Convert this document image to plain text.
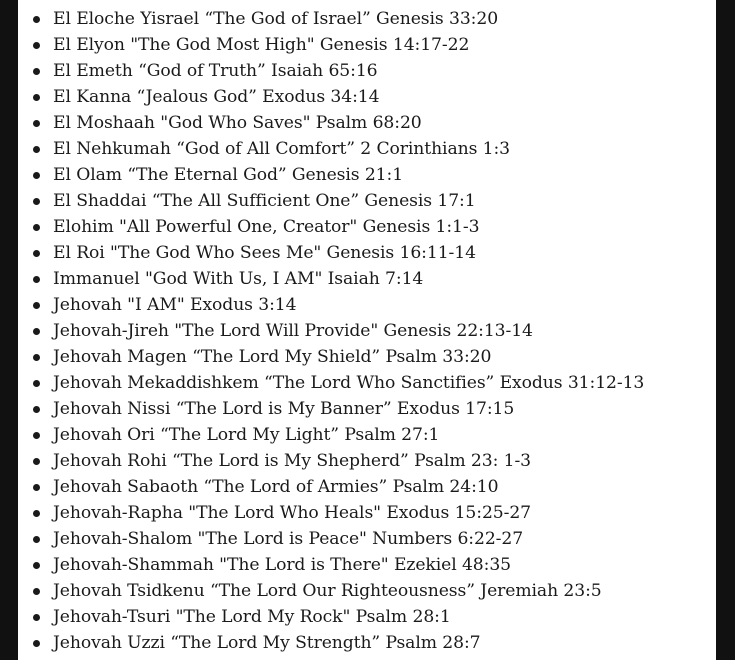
El Eloche Yisrael “The God of Israel” Genesis 33:20
El Elyon "The God Most High" Genesis 14:17-22
El Emeth “God of Truth” Isaiah 65:16
El Kanna “Jealous God” Exodus 34:14
El Moshaah "God Who Saves" Psalm 68:20
El Nehkumah “God of All Comfort” 2 Corinthians 1:3
El Olam “The Eternal God” Genesis 21:1
El Shaddai “The All Sufficient One” Genesis 17:1
Elohim "All Powerful One, Creator" Genesis 1:1-3
El Roi "The God Who Sees Me" Genesis 16:11-14
Immanuel "God With Us, I AM" Isaiah 7:14
Jehovah "I AM" Exodus 3:14
Jehovah-Jireh "The Lord Will Provide" Genesis 22:13-14
Jehovah Magen “The Lord My Shield” Psalm 33:20
Jehovah Mekaddishkem “The Lord Who Sanctifies” Exodus 31:12-13
Jehovah Nissi “The Lord is My Banner” Exodus 17:15
Jehovah Ori “The Lord My Light” Psalm 27:1
Jehovah Rohi “The Lord is My Shepherd” Psalm 23: 1-3
Jehovah Sabaoth “The Lord of Armies” Psalm 24:10
Jehovah-Rapha "The Lord Who Heals" Exodus 15:25-27
Jehovah-Shalom "The Lord is Peace" Numbers 6:22-27
Jehovah-Shammah "The Lord is There" Ezekiel 48:35
Jehovah Tsidkenu “The Lord Our Righteousness” Jeremiah 23:5
Jehovah-Tsuri "The Lord My Rock" Psalm 28:1
Jehovah Uzzi “The Lord My Strength” Psalm 28:7
